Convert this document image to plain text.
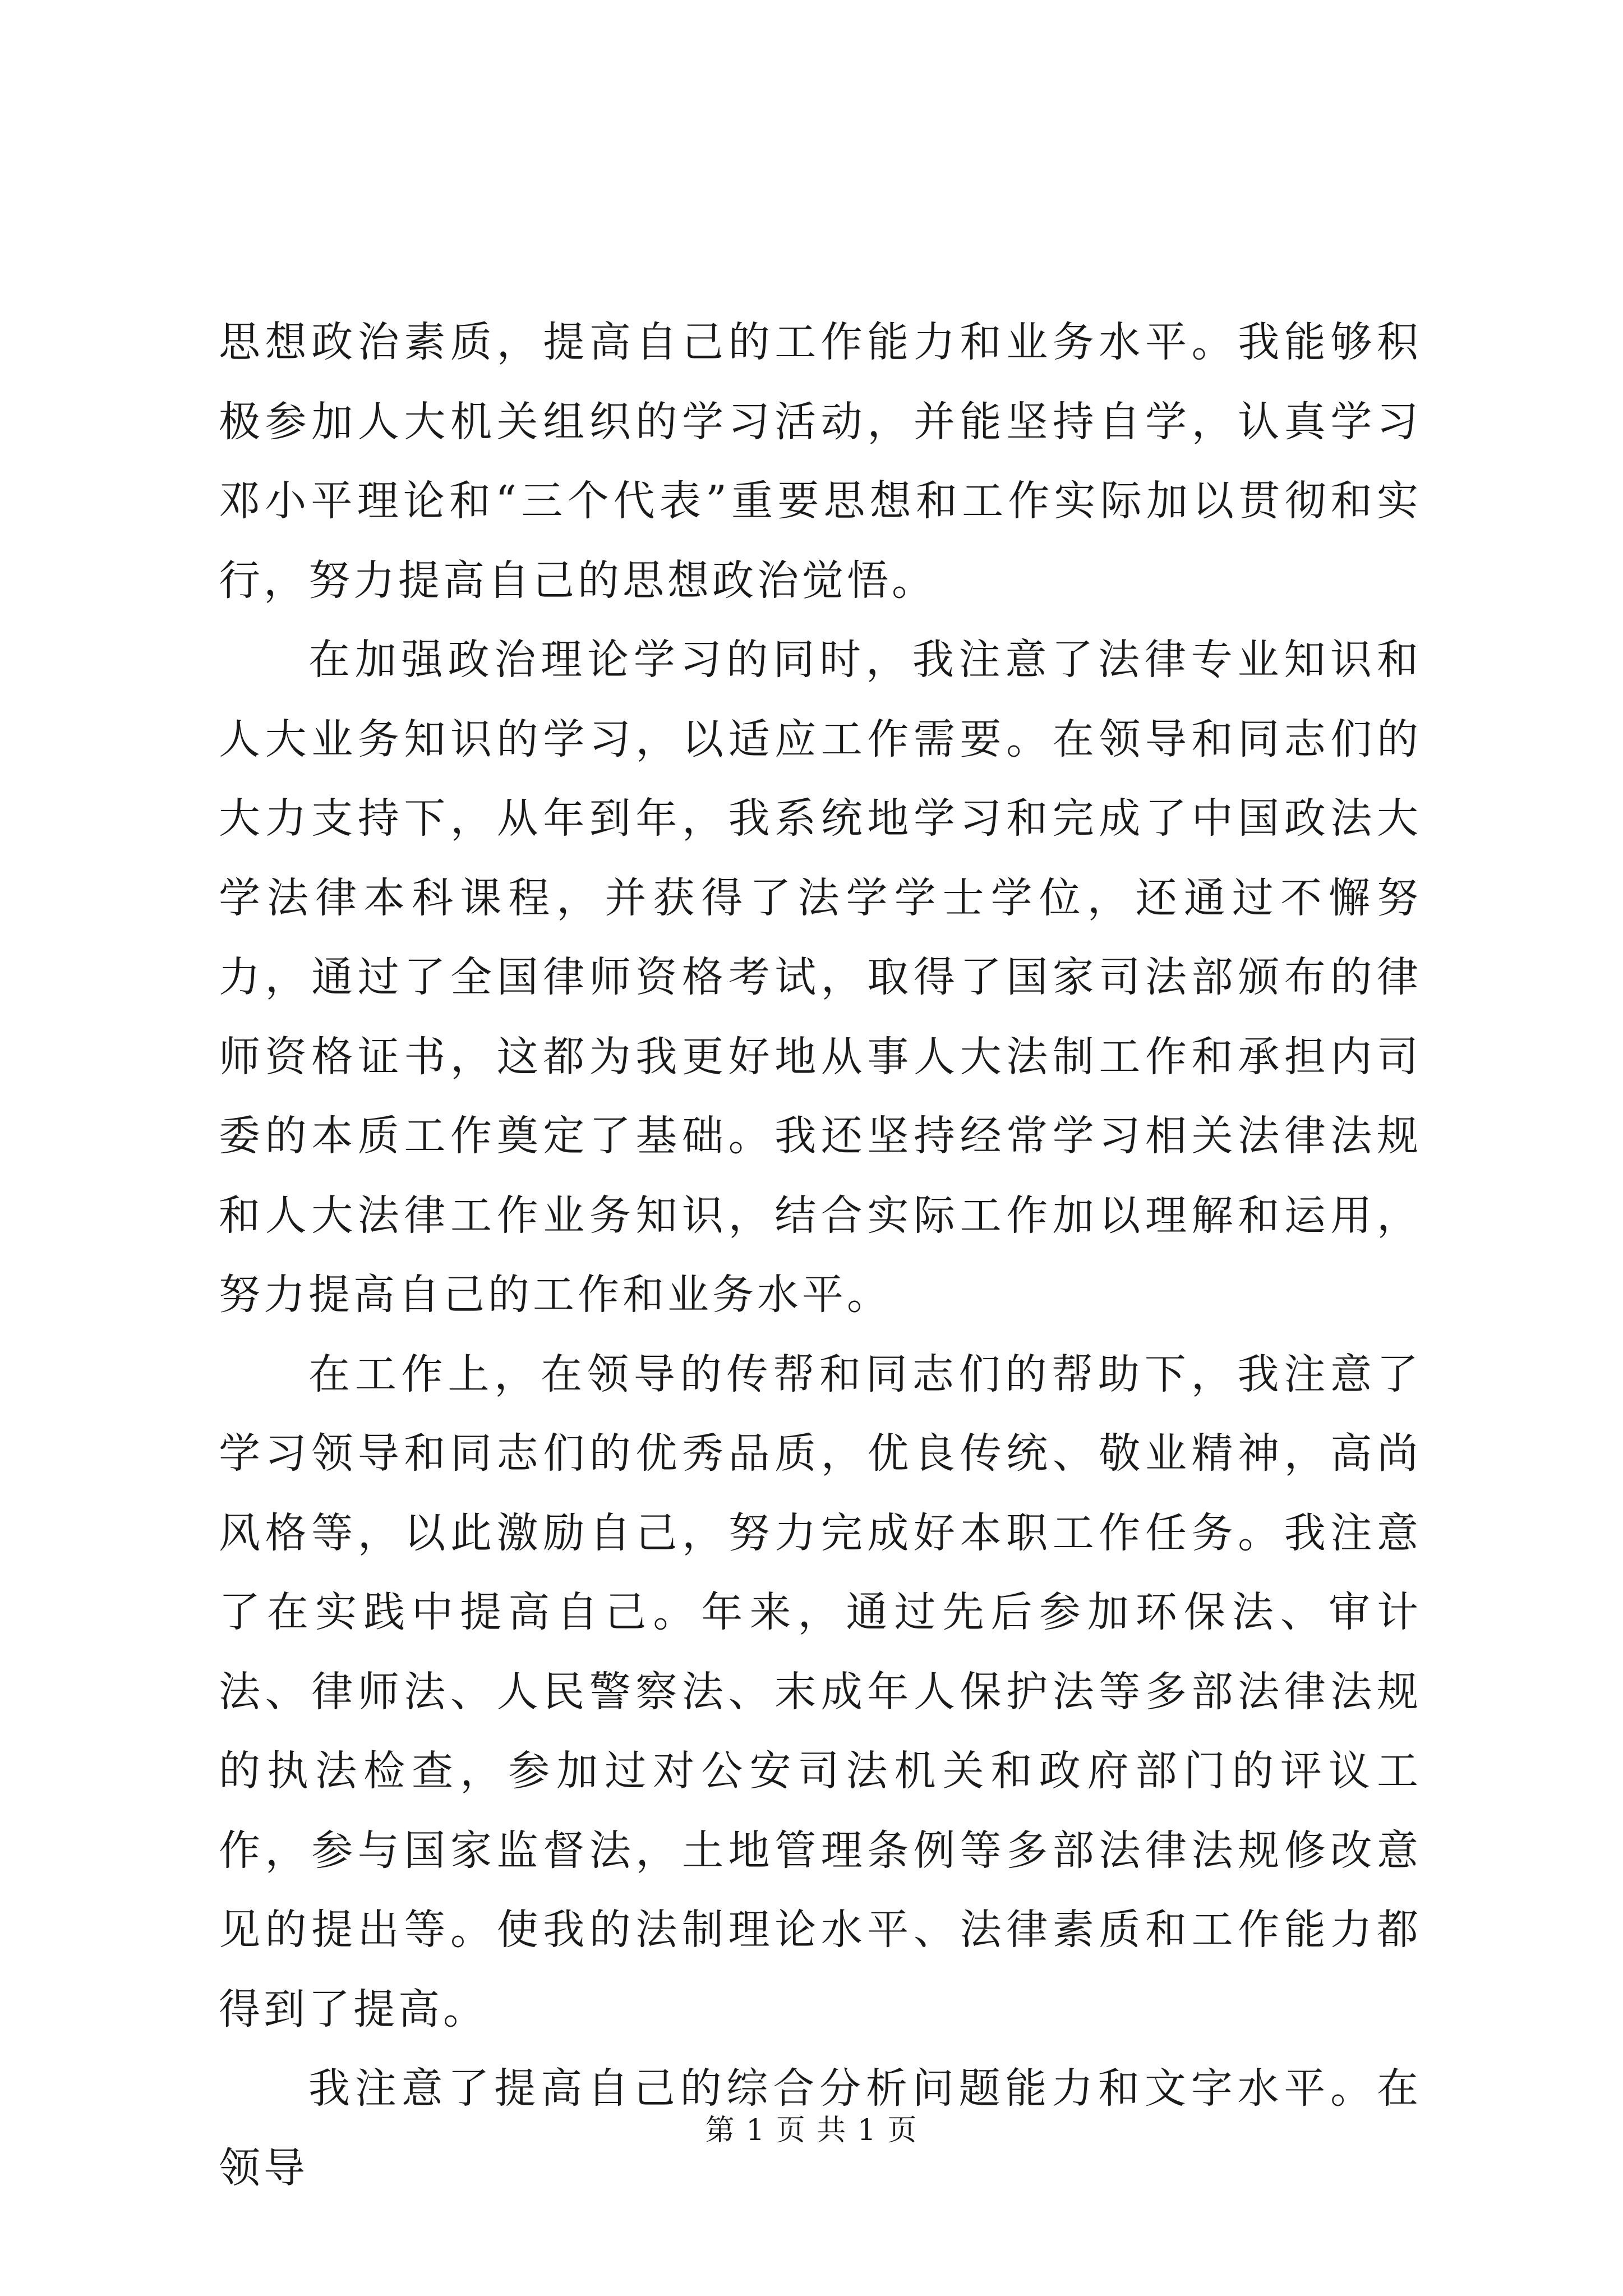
思想政治素质，提高自己的工作能力和业务水平。我能够积极参加人大机关组织的学习活动，并能坚持自学，认真学习邓小平理论和“三个代表”重要思想和工作实际加以贯彻和实行，努力提高自己的思想政治觉悟。

在加强政治理论学习的同时，我注意了法律专业知识和人大业务知识的学习，以适应工作需要。在领导和同志们的大力支持下，从年到年，我系统地学习和完成了中国政法大学法律本科课程，并获得了法学学士学位，还通过不懈努力，通过了全国律师资格考试，取得了国家司法部颁布的律师资格证书，这都为我更好地从事人大法制工作和承担内司委的本质工作奠定了基础。我还坚持经常学习相关法律法规和人大法律工作业务知识，结合实际工作加以理解和运用，努力提高自己的工作和业务水平。

在工作上，在领导的传帮和同志们的帮助下，我注意了学习领导和同志们的优秀品质，优良传统、敬业精神，高尚风格等，以此激励自己，努力完成好本职工作任务。我注意了在实践中提高自己。年来，通过先后参加环保法、审计法、律师法、人民警察法、末成年人保护法等多部法律法规的执法检查，参加过对公安司法机关和政府部门的评议工作，参与国家监督法，土地管理条例等多部法律法规修改意见的提出等。使我的法制理论水平、法律素质和工作能力都得到了提高。

我注意了提高自己的综合分析问题能力和文字水平。在领导

第 1 页 共 1 页
